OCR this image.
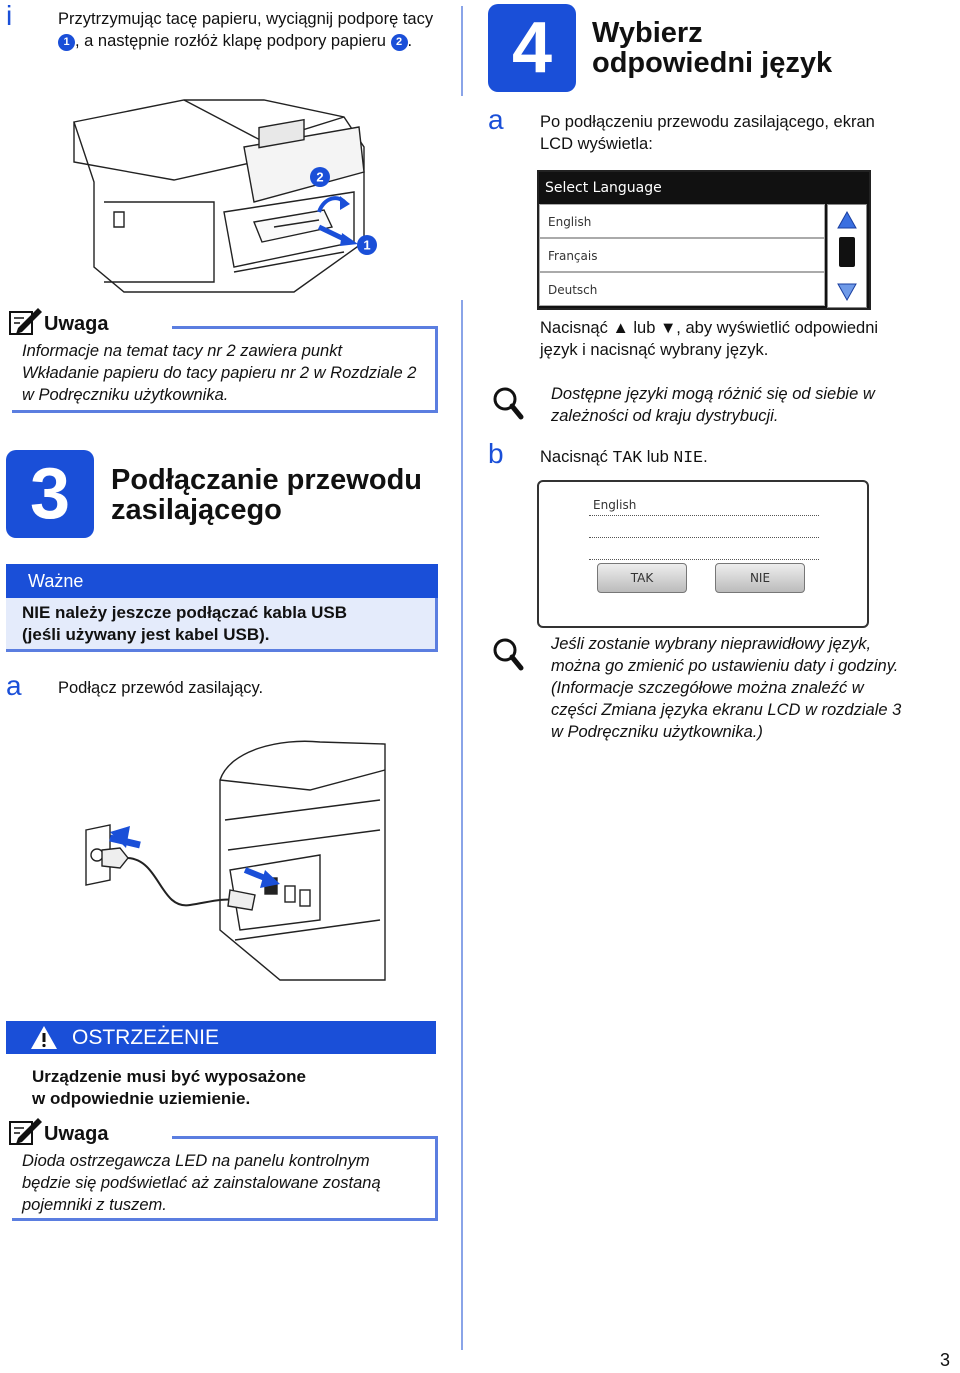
i	Przytrzymując tacę papieru, wyciągnij podporę tacy 1 , a następnie rozłóż klapę podpory papieru 2 .
2
1
Uwaga
Informacje na temat tacy nr 2 zawiera punkt Wkładanie papieru do tacy papieru nr 2 w Rozdziale 2 w Podręczniku użytkownika.
3	Podłączanie przewodu
zasilającego
Ważne
NIE należy jeszcze podłączać kabla USB
(jeśli używany jest kabel USB).
a Podłącz przewód zasilający.
OSTRZEŻENIE
Urządzenie musi być wyposażone
w odpowiednie uziemienie.
Uwaga
Dioda ostrzegawcza LED na panelu kontrolnym będzie się podświetlać aż zainstalowane zostaną pojemniki z tuszem.
4	Wybierz
odpowiedni język
a Po podłączeniu przewodu zasilającego, ekran LCD wyświetla:
Select Language
English
Français
Deutsch
Nacisnąć ▲ lub ▼, aby wyświetlić odpowiedni język i nacisnąć wybrany język.
Dostępne języki mogą różnić się od siebie w zależności od kraju dystrybucji.
b Nacisnąć TAK lub NIE.
English
TAK	NIE
Jeśli zostanie wybrany nieprawidłowy język, można go zmienić po ustawieniu daty i godziny. (Informacje szczegółowe można znaleźć w części Zmiana języka ekranu LCD w rozdziale 3 w Podręczniku użytkownika.)
3
